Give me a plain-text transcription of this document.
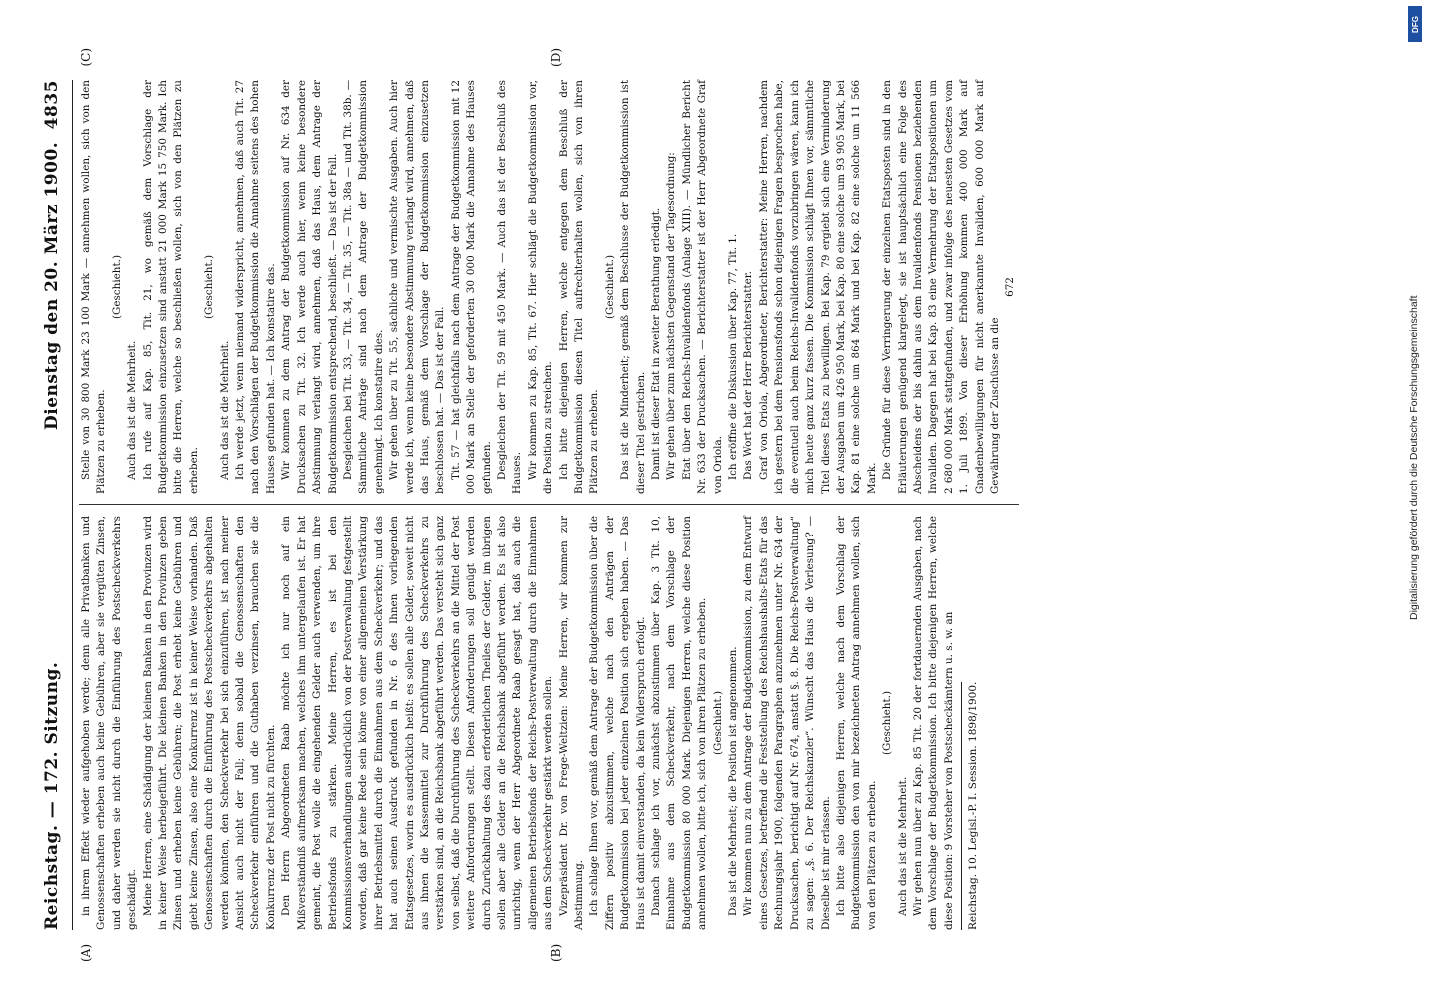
Reichstag. — 172. Sitzung.
Dienstag den 20. März 1900.
4835
(A)	(B)
(C)	(D)

in ihrem Effekt wieder aufgehoben werde; denn alle Privatbanken und Genossenschaften erheben auch keine Gebühren, aber sie vergüten Zinsen, und daher werden sie nicht durch die Einführung des Postscheckverkehrs geschädigt. Meine Herren, eine Schädigung der kleinen Banken in den Provinzen wird in keiner Weise herbeigeführt. Die kleinen Banken in den Provinzen geben Zinsen und erheben keine Gebühren; die Post erhebt keine Gebühren und giebt keine Zinsen, also eine Konkurrenz ist in keiner Weise vorhanden. Daß Genossenschaften durch die Einführung des Postscheckverkehrs abgehalten werden könnten, den Scheckverkehr bei sich einzuführen, ist nach meiner Ansicht auch nicht der Fall; denn sobald die Genossenschaften den Scheckverkehr einführen und die Guthaben verzinsen, brauchen sie die Konkurrenz der Post nicht zu fürchten. Den Herrn Abgeordneten Raab möchte ich nur noch auf ein Mißverständniß aufmerksam machen, welches ihm untergelaufen ist. Er hat gemeint, die Post wolle die eingehenden Gelder auch verwenden, um ihre Betriebsfonds zu stärken. Meine Herren, es ist bei den Kommissionsverhandlungen ausdrücklich von der Postverwaltung festgestellt worden, daß gar keine Rede sein könne von einer allgemeinen Verstärkung ihrer Betriebsmittel durch die Einnahmen aus dem Scheckverkehr; und das hat auch seinen Ausdruck gefunden in Nr. 6 des Ihnen vorliegenden Etatsgesetzes, worin es ausdrücklich heißt: es sollen alle Gelder, soweit nicht aus ihnen die Kassenmittel zur Durchführung des Scheckverkehrs zu verstärken sind, an die Reichsbank abgeführt werden. Das versteht sich ganz von selbst, daß die Durchführung des Scheckverkehrs an die Mittel der Post weitere Anforderungen stellt. Diesen Anforderungen soll genügt werden durch Zurückhaltung des dazu erforderlichen Theiles der Gelder, im übrigen sollen aber alle Gelder an die Reichsbank abgeführt werden. Es ist also unrichtig, wenn der Herr Abgeordnete Raab gesagt hat, daß auch die allgemeinen Betriebsfonds der Reichs-Postverwaltung durch die Einnahmen aus dem Scheckverkehr gestärkt werden sollen. Vizepräsident Dr. von Frege-Weltzien: Meine Herren, wir kommen zur Abstimmung. Ich schlage Ihnen vor, gemäß dem Antrage der Budgetkommission über die Ziffern positiv abzustimmen, welche nach den Anträgen der Budgetkommission bei jeder einzelnen Position sich ergeben haben. — Das Haus ist damit einverstanden, da kein Widerspruch erfolgt. Danach schlage ich vor, zunächst abzustimmen über Kap. 3 Tit. 10, Einnahme aus dem Scheckverkehr, nach dem Vorschlage der Budgetkommission 80 000 Mark. Diejenigen Herren, welche diese Position annehmen wollen, bitte ich, sich von ihren Plätzen zu erheben. (Geschieht.) Das ist die Mehrheit; die Position ist angenommen. Wir kommen nun zu dem Antrage der Budgetkommission, zu dem Entwurf eines Gesetzes, betreffend die Feststellung des Reichshaushalts-Etats für das Rechnungsjahr 1900, folgenden Paragraphen anzunehmen unter Nr. 634 der Drucksachen, berichtigt auf Nr. 674, anstatt §. 8. Die Reichs-Postverwaltung“ zu sagen: „§. 6. Der Reichskanzler“. Wünscht das Haus die Verlesung? — Dieselbe ist mir erlassen. Ich bitte also diejenigen Herren, welche nach dem Vorschlag der Budgetkommission den von mir bezeichneten Antrag annehmen wollen, sich von den Plätzen zu erheben.

(Geschieht.)

Auch das ist die Mehrheit. Wir gehen nun über zu Kap. 85 Tit. 20 der fortdauernden Ausgaben, nach dem Vorschlage der Budgetkommission. Ich bitte diejenigen Herren, welche diese Position: 9 Vorsteher von Postscheckämtern u. s. w. an Reichstag. 10. Legisl.-P. I. Session. 1898/1900.

Stelle von 30 800 Mark 23 100 Mark — annehmen wollen, sich von den Plätzen zu erheben.

(Geschieht.)

Auch das ist die Mehrheit. Ich rufe auf Kap. 85, Tit. 21, wo gemäß dem Vorschlage der Budgetkommission einzusetzen sind anstatt 21 000 Mark 15 750 Mark. Ich bitte die Herren, welche so beschließen wollen, sich von den Plätzen zu erheben.

(Geschieht.)

Auch das ist die Mehrheit. Ich werde jetzt, wenn niemand widerspricht, annehmen, daß auch Tit. 27 nach den Vorschlägen der Budgetkommission die Annahme seitens des hohen Hauses gefunden hat. — Ich konstatire das. Wir kommen zu dem Antrag der Budgetkommission auf Nr. 634 der Drucksachen zu Tit. 32. Ich werde auch hier, wenn keine besondere Abstimmung verlangt wird, annehmen, daß das Haus, dem Antrage der Budgetkommission entsprechend, beschließt. — Das ist der Fall. Desgleichen bei Tit. 33, — Tit. 34, — Tit. 35, — Tit. 38a — und Tit. 38b. — Sämmtliche Anträge sind nach dem Antrage der Budgetkommission genehmigt. Ich konstatire dies. Wir gehen über zu Tit. 55, sächliche und vermischte Ausgaben. Auch hier werde ich, wenn keine besondere Abstimmung verlangt wird, annehmen, daß das Haus, gemäß dem Vorschlage der Budgetkommission einzusetzen beschlossen hat. — Das ist der Fall. Tit. 57 — hat gleichfalls nach dem Antrage der Budgetkommission mit 12 000 Mark an Stelle der geforderten 30 000 Mark die Annahme des Hauses gefunden. Desgleichen der Tit. 59 mit 450 Mark. — Auch das ist der Beschluß des Hauses. Wir kommen zu Kap. 85, Tit. 67. Hier schlägt die Budgetkommission vor, die Position zu streichen. Ich bitte diejenigen Herren, welche entgegen dem Beschluß der Budgetkommission diesen Titel aufrechterhalten wollen, sich von ihren Plätzen zu erheben.

(Geschieht.) Das ist die Minderheit; gemäß dem Beschlusse der Budgetkommission ist dieser Titel gestrichen. Damit ist dieser Etat in zweiter Berathung erledigt. Wir gehen über zum nächsten Gegenstand der Tagesordnung: Etat über den Reichs-Invalidenfonds (Anlage XIII). — Mündlicher Bericht Nr. 633 der Drucksachen. — Berichterstatter ist der Herr Abgeordnete Graf von Oriola. Ich eröffne die Diskussion über Kap. 77, Tit. 1. Das Wort hat der Herr Berichterstatter. Graf von Oriola, Abgeordneter, Berichterstatter: Meine Herren, nachdem ich gestern bei dem Pensionsfonds schon diejenigen Fragen besprochen habe, die eventuell auch beim Reichs-Invalidenfonds vorzubringen wären, kann ich mich heute ganz kurz fassen. Die Kommission schlägt Ihnen vor, sämmtliche Titel dieses Etats zu bewilligen. Bei Kap. 79 ergiebt sich eine Verminderung der Ausgaben um 426 950 Mark, bei Kap. 80 eine solche um 93 905 Mark, bei Kap. 81 eine solche um 864 Mark und bei Kap. 82 eine solche um 11 566 Mark. Die Gründe für diese Verringerung der einzelnen Etatsposten sind in den Erläuterungen genügend klargelegt, sie ist hauptsächlich eine Folge des Abscheidens der bis dahin aus dem Invalidenfonds Pensionen beziehenden Invaliden. Dagegen hat bei Kap. 83 eine Vermehrung der Etatspositionen um 2 680 000 Mark stattgefunden, und zwar infolge des neuesten Gesetzes vom 1. Juli 1899. Von dieser Erhöhung kommen 400 000 Mark auf Gnadenbewilligungen für nicht anerkannte Invaliden, 600 000 Mark auf Gewährung der Zuschüsse an die

672

DFG
Digitalisierung gefördert durch die Deutsche Forschungsgemeinschaft
